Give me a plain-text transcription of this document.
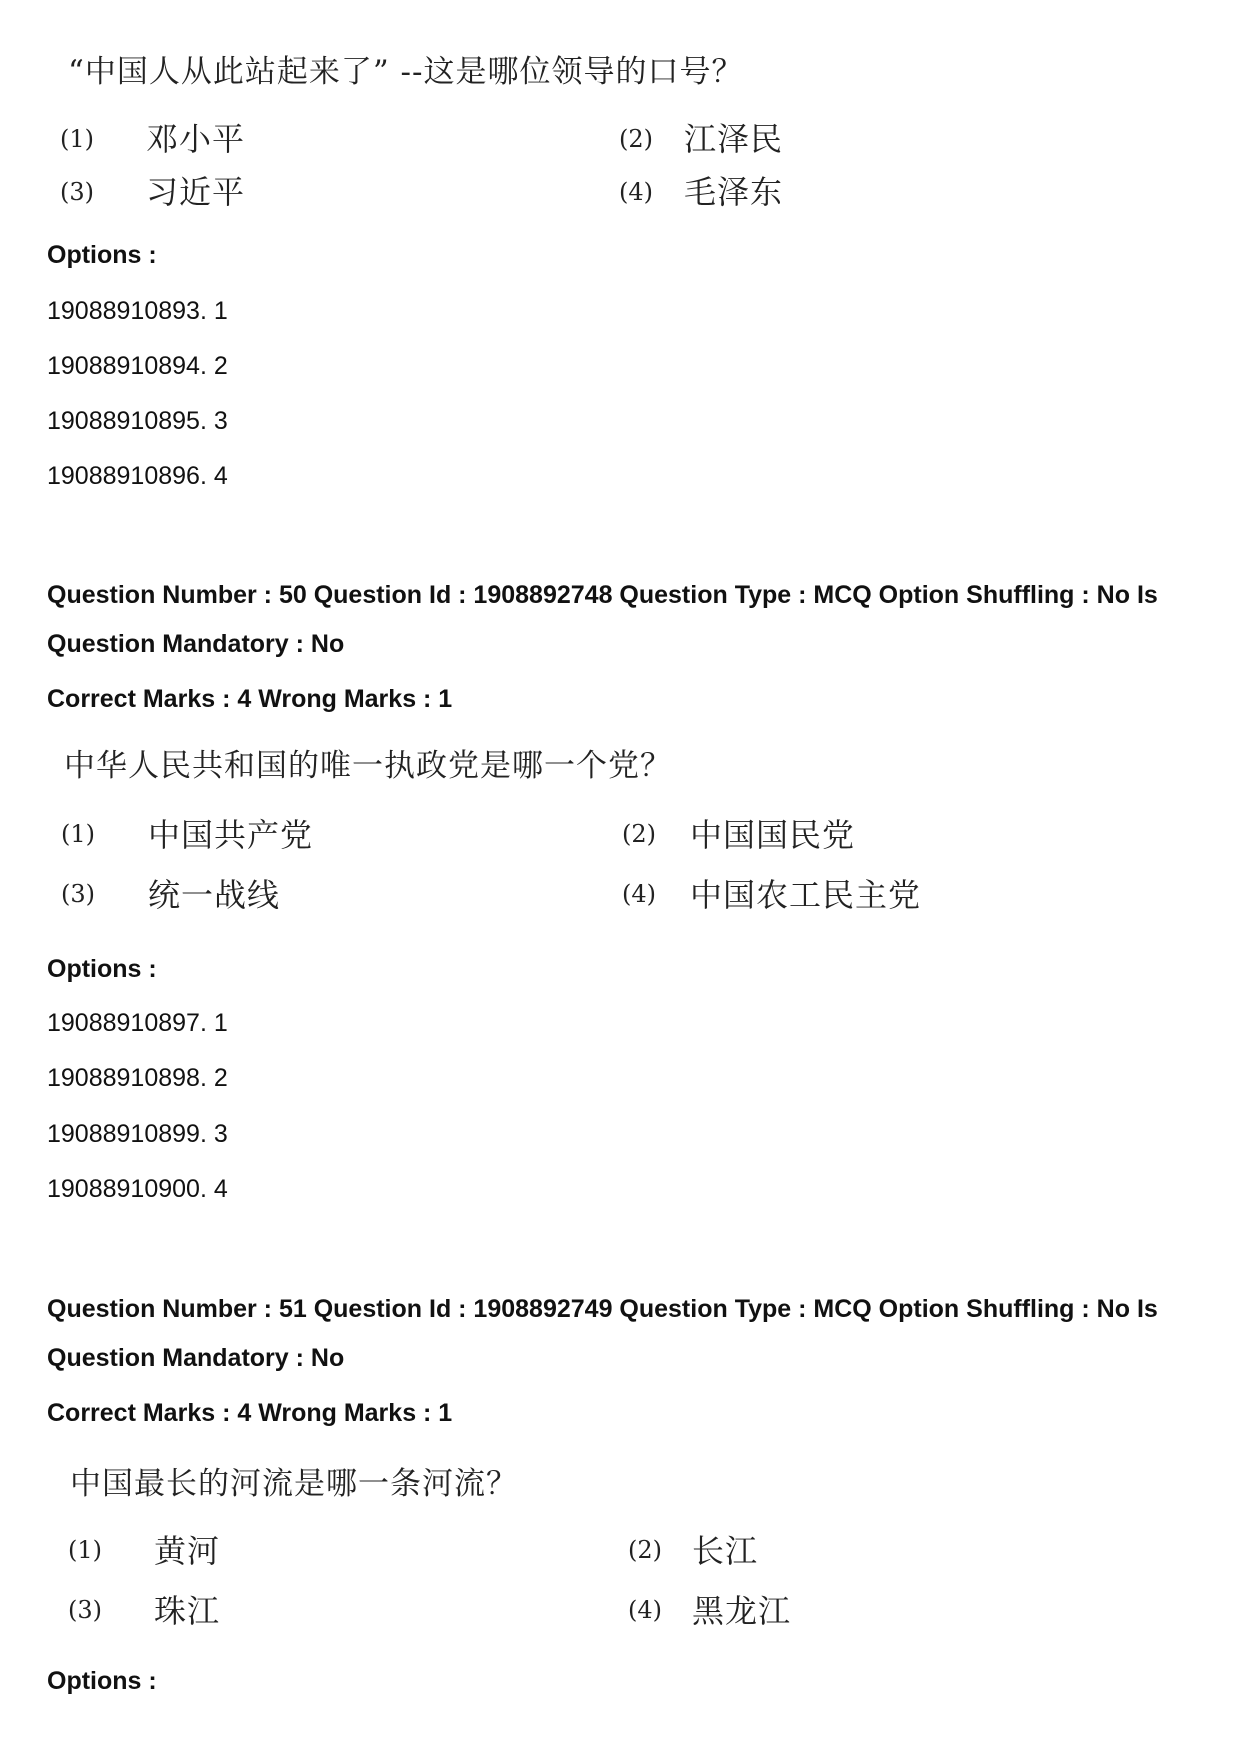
“中国人从此站起来了” --这是哪位领导的口号？
(1) 邓小平	(2) 江泽民
(3) 习近平	(4) 毛泽东
Options :
19088910893. 1
19088910894. 2
19088910895. 3
19088910896. 4
Question Number : 50 Question Id : 1908892748 Question Type : MCQ Option Shuffling : No Is
Question Mandatory : No
Correct Marks : 4 Wrong Marks : 1
中华人民共和国的唯一执政党是哪一个党？
(1) 中国共产党	(2) 中国国民党
(3) 统一战线	(4) 中国农工民主党
Options :
19088910897. 1
19088910898. 2
19088910899. 3
19088910900. 4
Question Number : 51 Question Id : 1908892749 Question Type : MCQ Option Shuffling : No Is
Question Mandatory : No
Correct Marks : 4 Wrong Marks : 1
中国最长的河流是哪一条河流？
(1) 黄河	(2) 长江
(3) 珠江	(4) 黑龙江
Options :
